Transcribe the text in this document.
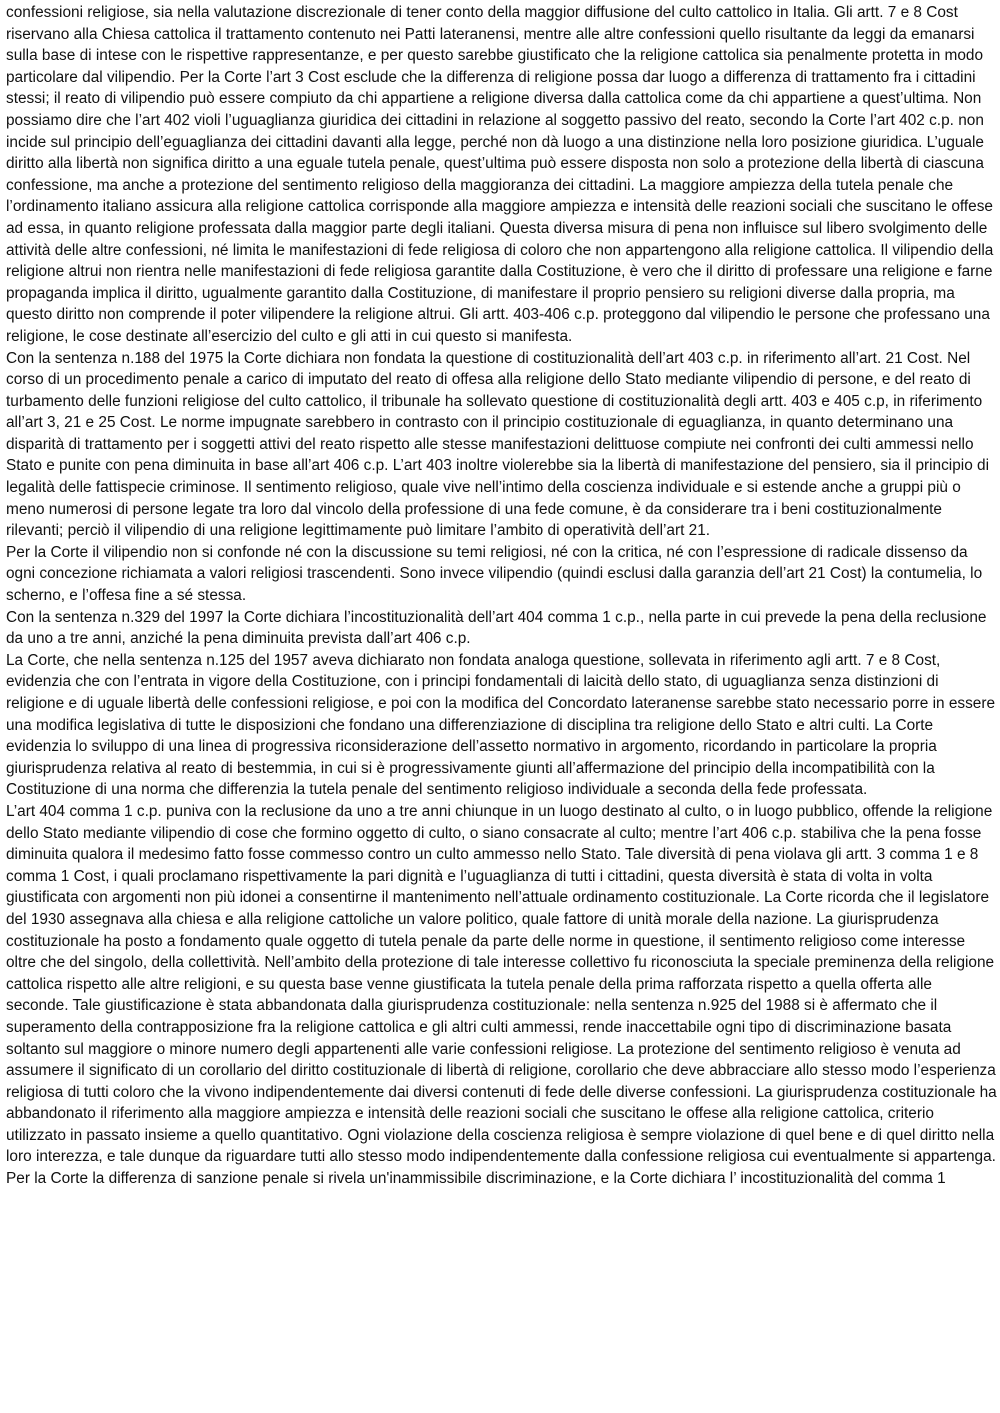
confessioni religiose, sia nella valutazione discrezionale di tener conto della maggior diffusione del culto cattolico in Italia. Gli artt. 7 e 8 Cost riservano alla Chiesa cattolica il trattamento contenuto nei Patti lateranensi, mentre alle altre confessioni quello risultante da leggi da emanarsi sulla base di intese con le rispettive rappresentanze, e per questo sarebbe giustificato che la religione cattolica sia penalmente protetta in modo particolare dal vilipendio. Per la Corte l’art 3 Cost esclude che la differenza di religione possa dar luogo a differenza di trattamento fra i cittadini stessi; il reato di vilipendio può essere compiuto da chi appartiene a religione diversa dalla cattolica come da chi appartiene a quest’ultima. Non possiamo dire che l’art 402 violi l’uguaglianza giuridica dei cittadini in relazione al soggetto passivo del reato, secondo la Corte l’art 402 c.p. non incide sul principio dell’eguaglianza dei cittadini davanti alla legge, perché non dà luogo a una distinzione nella loro posizione giuridica. L’uguale diritto alla libertà non significa diritto a una eguale tutela penale, quest’ultima può essere disposta non solo a protezione della libertà di ciascuna confessione, ma anche a protezione del sentimento religioso della maggioranza dei cittadini. La maggiore ampiezza della tutela penale che l’ordinamento italiano assicura alla religione cattolica corrisponde alla maggiore ampiezza e intensità delle reazioni sociali che suscitano le offese ad essa, in quanto religione professata dalla maggior parte degli italiani. Questa diversa misura di pena non influisce sul libero svolgimento delle attività delle altre confessioni, né limita le manifestazioni di fede religiosa di coloro che non appartengono alla religione cattolica. Il vilipendio della religione altrui non rientra nelle manifestazioni di fede religiosa garantite dalla Costituzione, è vero che il diritto di professare una religione e farne propaganda implica il diritto, ugualmente garantito dalla Costituzione, di manifestare il proprio pensiero su religioni diverse dalla propria, ma questo diritto non comprende il poter vilipendere la religione altrui. Gli artt. 403-406 c.p. proteggono dal vilipendio le persone che professano una religione, le cose destinate all’esercizio del culto e gli atti in cui questo si manifesta.

Con la sentenza n.188 del 1975 la Corte dichiara non fondata la questione di costituzionalità dell’art 403 c.p. in riferimento all’art. 21 Cost. Nel corso di un procedimento penale a carico di imputato del reato di offesa alla religione dello Stato mediante vilipendio di persone, e del reato di turbamento delle funzioni religiose del culto cattolico, il tribunale ha sollevato questione di costituzionalità degli artt. 403 e 405 c.p, in riferimento all’art 3, 21 e 25 Cost. Le norme impugnate sarebbero in contrasto con il principio costituzionale di eguaglianza, in quanto determinano una disparità di trattamento per i soggetti attivi del reato rispetto alle stesse manifestazioni delittuose compiute nei confronti dei culti ammessi nello Stato e punite con pena diminuita in base all’art 406 c.p. L’art 403 inoltre violerebbe sia la libertà di manifestazione del pensiero, sia il principio di legalità delle fattispecie criminose. Il sentimento religioso, quale vive nell’intimo della coscienza individuale e si estende anche a gruppi più o meno numerosi di persone legate tra loro dal vincolo della professione di una fede comune, è da considerare tra i beni costituzionalmente rilevanti; perciò il vilipendio di una religione legittimamente può limitare l’ambito di operatività dell’art 21.

Per la Corte il vilipendio non si confonde né con la discussione su temi religiosi, né con la critica, né con l’espressione di radicale dissenso da ogni concezione richiamata a valori religiosi trascendenti. Sono invece vilipendio (quindi esclusi dalla garanzia dell’art 21 Cost) la contumelia, lo scherno, e l’offesa fine a sé stessa.

Con la sentenza n.329 del 1997 la Corte dichiara l’incostituzionalità dell’art 404 comma 1 c.p., nella parte in cui prevede la pena della reclusione da uno a tre anni, anziché la pena diminuita prevista dall’art 406 c.p.

La Corte, che nella sentenza n.125 del 1957 aveva dichiarato non fondata analoga questione, sollevata in riferimento agli artt. 7 e 8 Cost, evidenzia che con l’entrata in vigore della Costituzione, con i principi fondamentali di laicità dello stato, di uguaglianza senza distinzioni di religione e di uguale libertà delle confessioni religiose, e poi con la modifica del Concordato lateranense sarebbe stato necessario porre in essere una modifica legislativa di tutte le disposizioni che fondano una differenziazione di disciplina tra religione dello Stato e altri culti. La Corte evidenzia lo sviluppo di una linea di progressiva riconsiderazione dell’assetto normativo in argomento, ricordando in particolare la propria giurisprudenza relativa al reato di bestemmia, in cui si è progressivamente giunti all’affermazione del principio della incompatibilità con la Costituzione di una norma che differenzia la tutela penale del sentimento religioso individuale a seconda della fede professata.

L’art 404 comma 1 c.p. puniva con la reclusione da uno a tre anni chiunque in un luogo destinato al culto, o in luogo pubblico, offende la religione dello Stato mediante vilipendio di cose che formino oggetto di culto, o siano consacrate al culto; mentre l’art 406 c.p. stabiliva che la pena fosse diminuita qualora il medesimo fatto fosse commesso contro un culto ammesso nello Stato. Tale diversità di pena violava gli artt. 3 comma 1 e 8 comma 1 Cost, i quali proclamano rispettivamente la pari dignità e l’uguaglianza di tutti i cittadini, questa diversità è stata di volta in volta giustificata con argomenti non più idonei a consentirne il mantenimento nell’attuale ordinamento costituzionale. La Corte ricorda che il legislatore del 1930 assegnava alla chiesa e alla religione cattoliche un valore politico, quale fattore di unità morale della nazione. La giurisprudenza costituzionale ha posto a fondamento quale oggetto di tutela penale da parte delle norme in questione, il sentimento religioso come interesse oltre che del singolo, della collettività. Nell’ambito della protezione di tale interesse collettivo fu riconosciuta la speciale preminenza della religione cattolica rispetto alle altre religioni, e su questa base venne giustificata la tutela penale della prima rafforzata rispetto a quella offerta alle seconde. Tale giustificazione è stata abbandonata dalla giurisprudenza costituzionale: nella sentenza n.925 del 1988 si è affermato che il superamento della contrapposizione fra la religione cattolica e gli altri culti ammessi, rende inaccettabile ogni tipo di discriminazione basata soltanto sul maggiore o minore numero degli appartenenti alle varie confessioni religiose. La protezione del sentimento religioso è venuta ad assumere il significato di un corollario del diritto costituzionale di libertà di religione, corollario che deve abbracciare allo stesso modo l’esperienza religiosa di tutti coloro che la vivono indipendentemente dai diversi contenuti di fede delle diverse confessioni. La giurisprudenza costituzionale ha abbandonato il riferimento alla maggiore ampiezza e intensità delle reazioni sociali che suscitano le offese alla religione cattolica, criterio utilizzato in passato insieme a quello quantitativo. Ogni violazione della coscienza religiosa è sempre violazione di quel bene e di quel diritto nella loro interezza, e tale dunque da riguardare tutti allo stesso modo indipendentemente dalla confessione religiosa cui eventualmente si appartenga. Per la Corte la differenza di sanzione penale si rivela un'inammissibile discriminazione, e la Corte dichiara l’ incostituzionalità del comma 1
